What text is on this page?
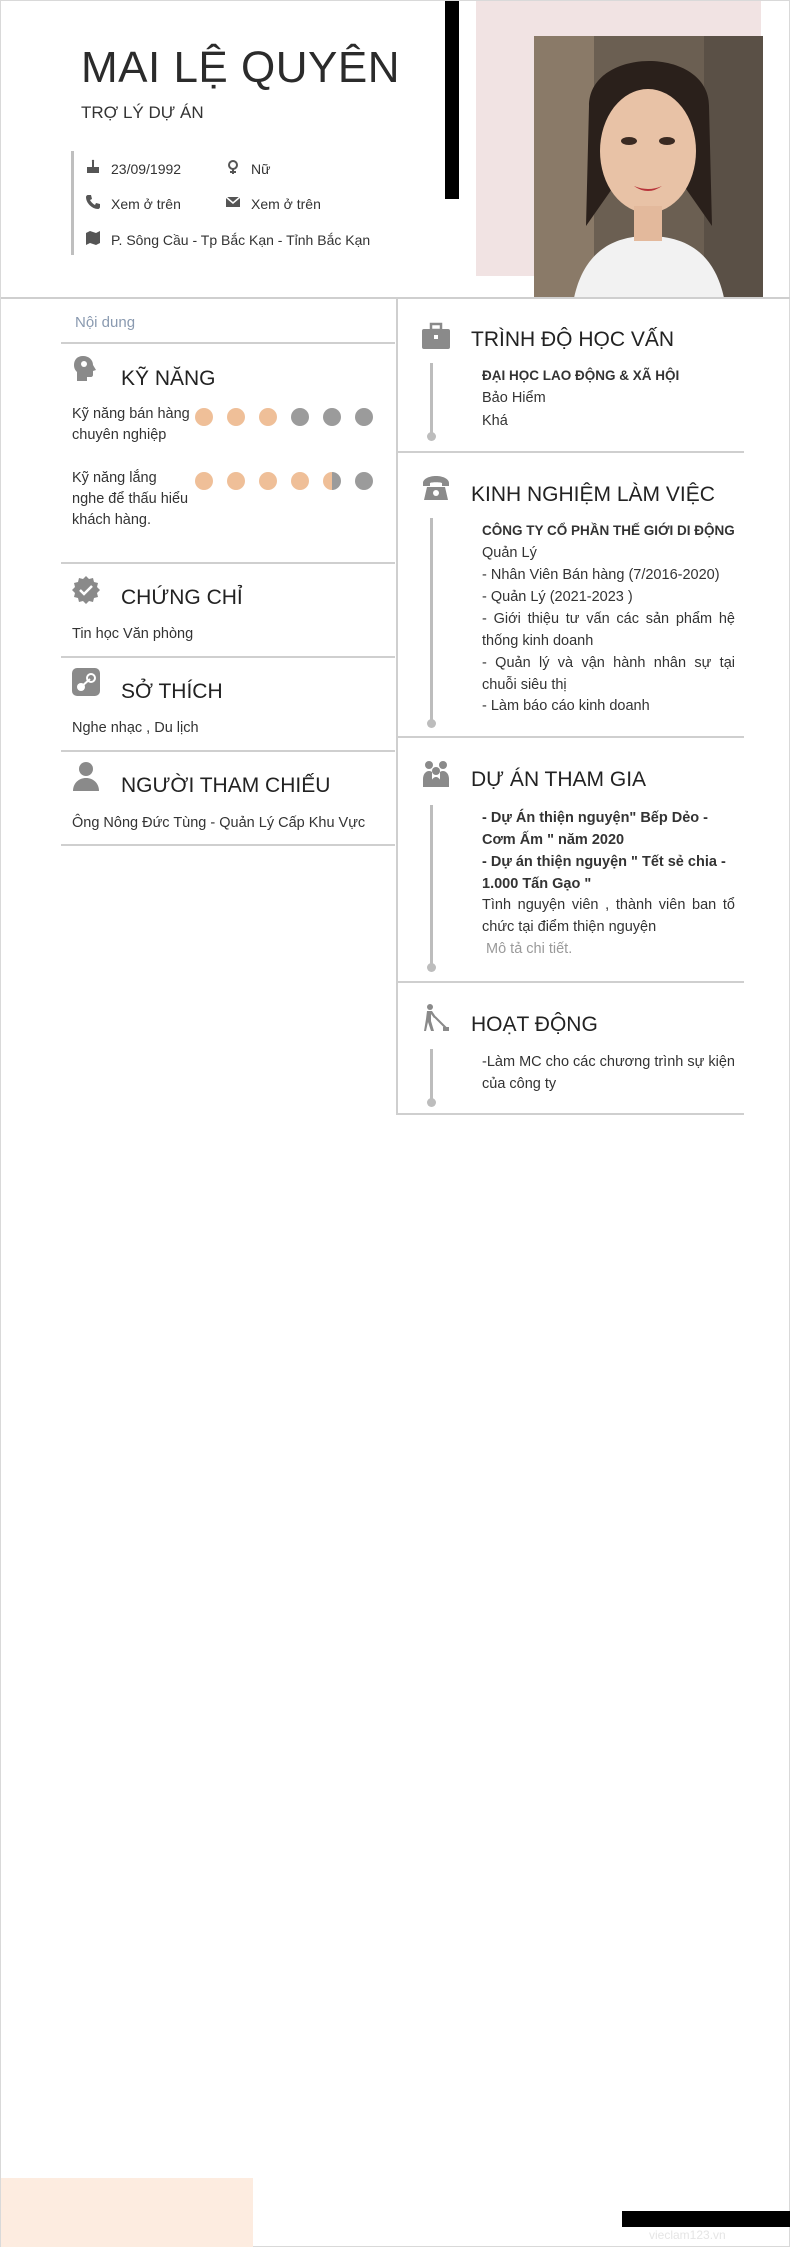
MAI LỆ QUYÊN
TRỢ LÝ DỰ ÁN
23/09/1992	Nữ
Xem ở trên	Xem ở trên
P. Sông Cầu - Tp Bắc Kạn - Tỉnh Bắc Kạn
Nội dung
KỸ NĂNG
Kỹ năng bán hàng chuyên nghiệp
Kỹ năng lắng nghe để thấu hiểu khách hàng.
CHỨNG CHỈ
Tin học Văn phòng
SỞ THÍCH
Nghe nhạc , Du lịch
NGƯỜI THAM CHIẾU
Ông Nông Đức Tùng - Quản Lý Cấp Khu Vực
TRÌNH ĐỘ HỌC VẤN
ĐẠI HỌC LAO ĐỘNG & XÃ HỘI
Bảo Hiểm
Khá
KINH NGHIỆM LÀM VIỆC
CÔNG TY CỔ PHẦN THẾ GIỚI DI ĐỘNG
Quản Lý
- Nhân Viên Bán hàng (7/2016-2020)
- Quản Lý (2021-2023 )
- Giới thiệu tư vấn các sản phẩm hệ thống kinh doanh
- Quản lý và vận hành nhân sự tại chuỗi siêu thị
- Làm báo cáo kinh doanh
DỰ ÁN THAM GIA
- Dự Án thiện nguyện" Bếp Dẻo - Cơm Ấm " năm 2020
- Dự án thiện nguyện " Tết sẻ chia - 1.000 Tấn Gạo "
Tình nguyện viên , thành viên ban tổ chức tại điểm thiện nguyện
Mô tả chi tiết.
HOẠT ĐỘNG
-Làm MC cho các chương trình sự kiện của công ty
vieclam123.vn
